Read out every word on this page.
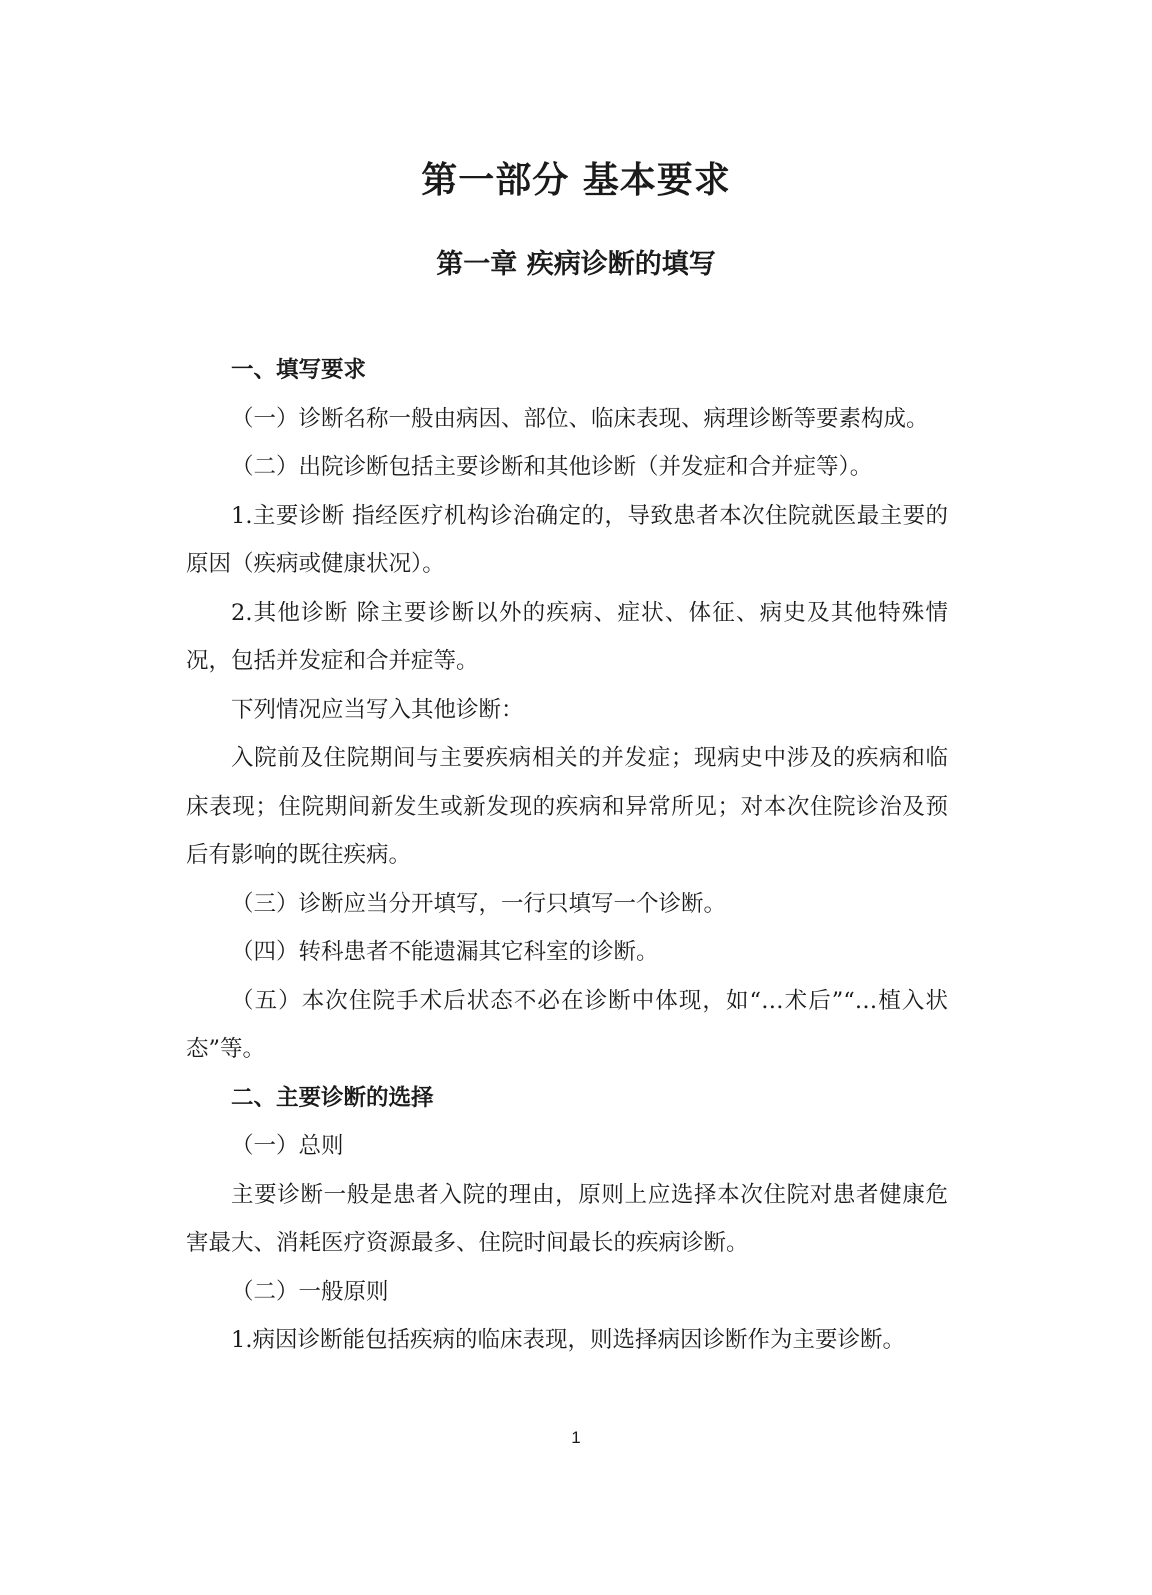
第一部分 基本要求
第一章 疾病诊断的填写

一、填写要求

（一）诊断名称一般由病因、部位、临床表现、病理诊断等要素构成。

（二）出院诊断包括主要诊断和其他诊断（并发症和合并症等）。

1.主要诊断 指经医疗机构诊治确定的，导致患者本次住院就医最主要的原因（疾病或健康状况）。

2.其他诊断 除主要诊断以外的疾病、症状、体征、病史及其他特殊情况，包括并发症和合并症等。

下列情况应当写入其他诊断：

入院前及住院期间与主要疾病相关的并发症；现病史中涉及的疾病和临床表现；住院期间新发生或新发现的疾病和异常所见；对本次住院诊治及预后有影响的既往疾病。

（三）诊断应当分开填写，一行只填写一个诊断。

（四）转科患者不能遗漏其它科室的诊断。

（五）本次住院手术后状态不必在诊断中体现，如“…术后”“…植入状态”等。

二、主要诊断的选择

（一）总则

主要诊断一般是患者入院的理由，原则上应选择本次住院对患者健康危害最大、消耗医疗资源最多、住院时间最长的疾病诊断。

（二）一般原则

1.病因诊断能包括疾病的临床表现，则选择病因诊断作为主要诊断。

1
